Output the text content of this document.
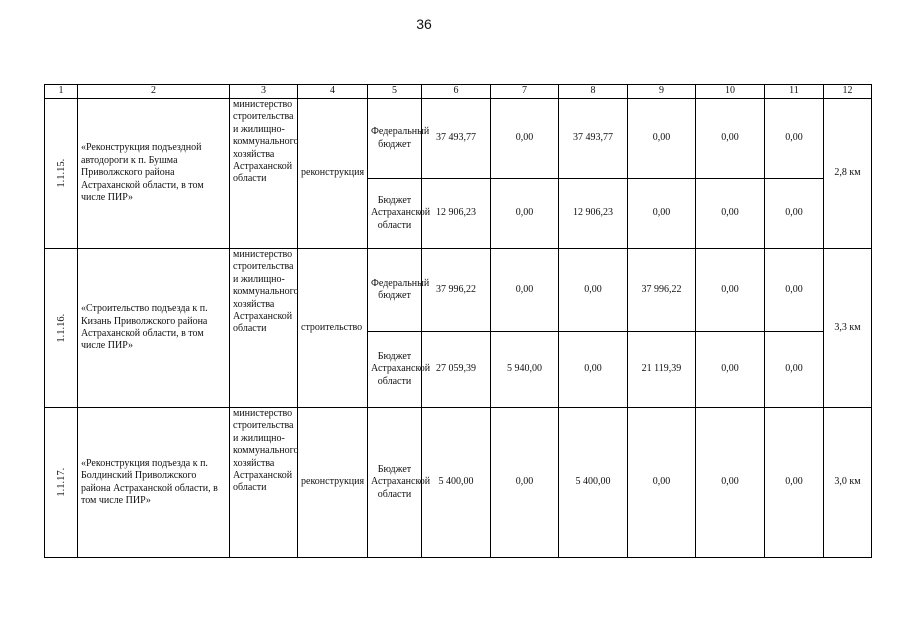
36
1	2	3	4	5	6	7	8	9	10	11	12
1.1.15.	«Реконструкция подъездной автодороги к п. Бушма Приволжского района Астраханской области, в том числе ПИР»	министерство строительства и жилищно-коммунального хозяйства Астраханской области	реконструкция	Федеральный бюджет	37 493,77	0,00	37 493,77	0,00	0,00	0,00	2,8 км
				Бюджет Астраханской области	12 906,23	0,00	12 906,23	0,00	0,00	0,00	
1.1.16.	«Строительство подъезда к п. Кизань Приволжского района Астраханской области, в том числе ПИР»	министерство строительства и жилищно-коммунального хозяйства Астраханской области	строительство	Федеральный бюджет	37 996,22	0,00	0,00	37 996,22	0,00	0,00	3,3 км
				Бюджет Астраханской области	27 059,39	5 940,00	0,00	21 119,39	0,00	0,00	
1.1.17.	«Реконструкция подъезда к п. Болдинский Приволжского района Астраханской области, в том числе ПИР»	министерство строительства и жилищно-коммунального хозяйства Астраханской области	реконструкция	Бюджет Астраханской области	5 400,00	0,00	5 400,00	0,00	0,00	0,00	3,0 км
